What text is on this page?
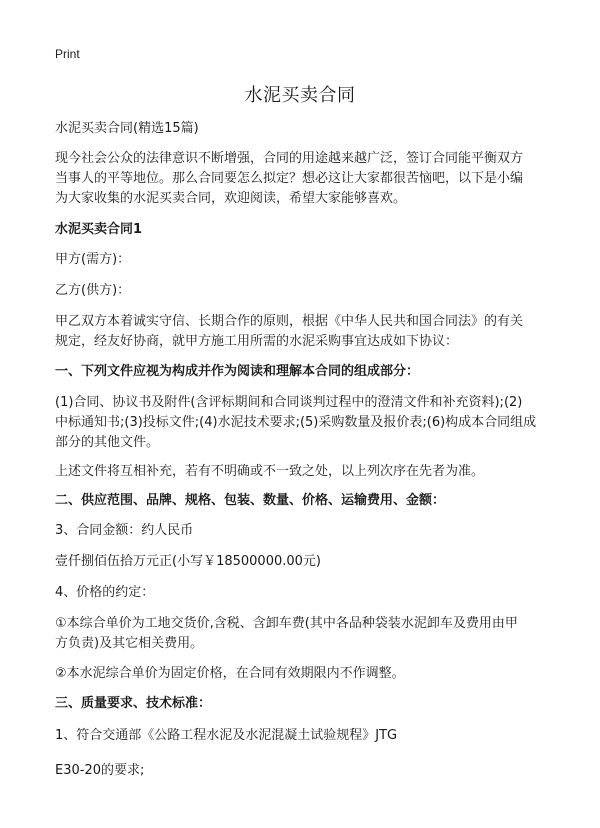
Print
水泥买卖合同
水泥买卖合同(精选15篇)
现今社会公众的法律意识不断增强，合同的用途越来越广泛，签订合同能平衡双方
当事人的平等地位。那么合同要怎么拟定？想必这让大家都很苦恼吧，以下是小编
为大家收集的水泥买卖合同，欢迎阅读，希望大家能够喜欢。
水泥买卖合同1
甲方(需方)：
乙方(供方)：
甲乙双方本着诚实守信、长期合作的原则，根据《中华人民共和国合同法》的有关
规定，经友好协商，就甲方施工用所需的水泥采购事宜达成如下协议：
一、下列文件应视为构成并作为阅读和理解本合同的组成部分：
(1)合同、协议书及附件(含评标期间和合同谈判过程中的澄清文件和补充资料);(2)
中标通知书;(3)投标文件;(4)水泥技术要求;(5)采购数量及报价表;(6)构成本合同组成
部分的其他文件。
上述文件将互相补充，若有不明确或不一致之处，以上列次序在先者为准。
二、供应范围、品牌、规格、包装、数量、价格、运输费用、金额：
3、合同金额：约人民币
壹仟捌佰伍拾万元正(小写￥18500000.00元)
4、价格的约定：
①本综合单价为工地交货价,含税、含卸车费(其中各品种袋装水泥卸车及费用由甲
方负责)及其它相关费用。
②本水泥综合单价为固定价格，在合同有效期限内不作调整。
三、质量要求、技术标准：
1、符合交通部《公路工程水泥及水泥混凝土试验规程》JTG
E30-20的要求;
